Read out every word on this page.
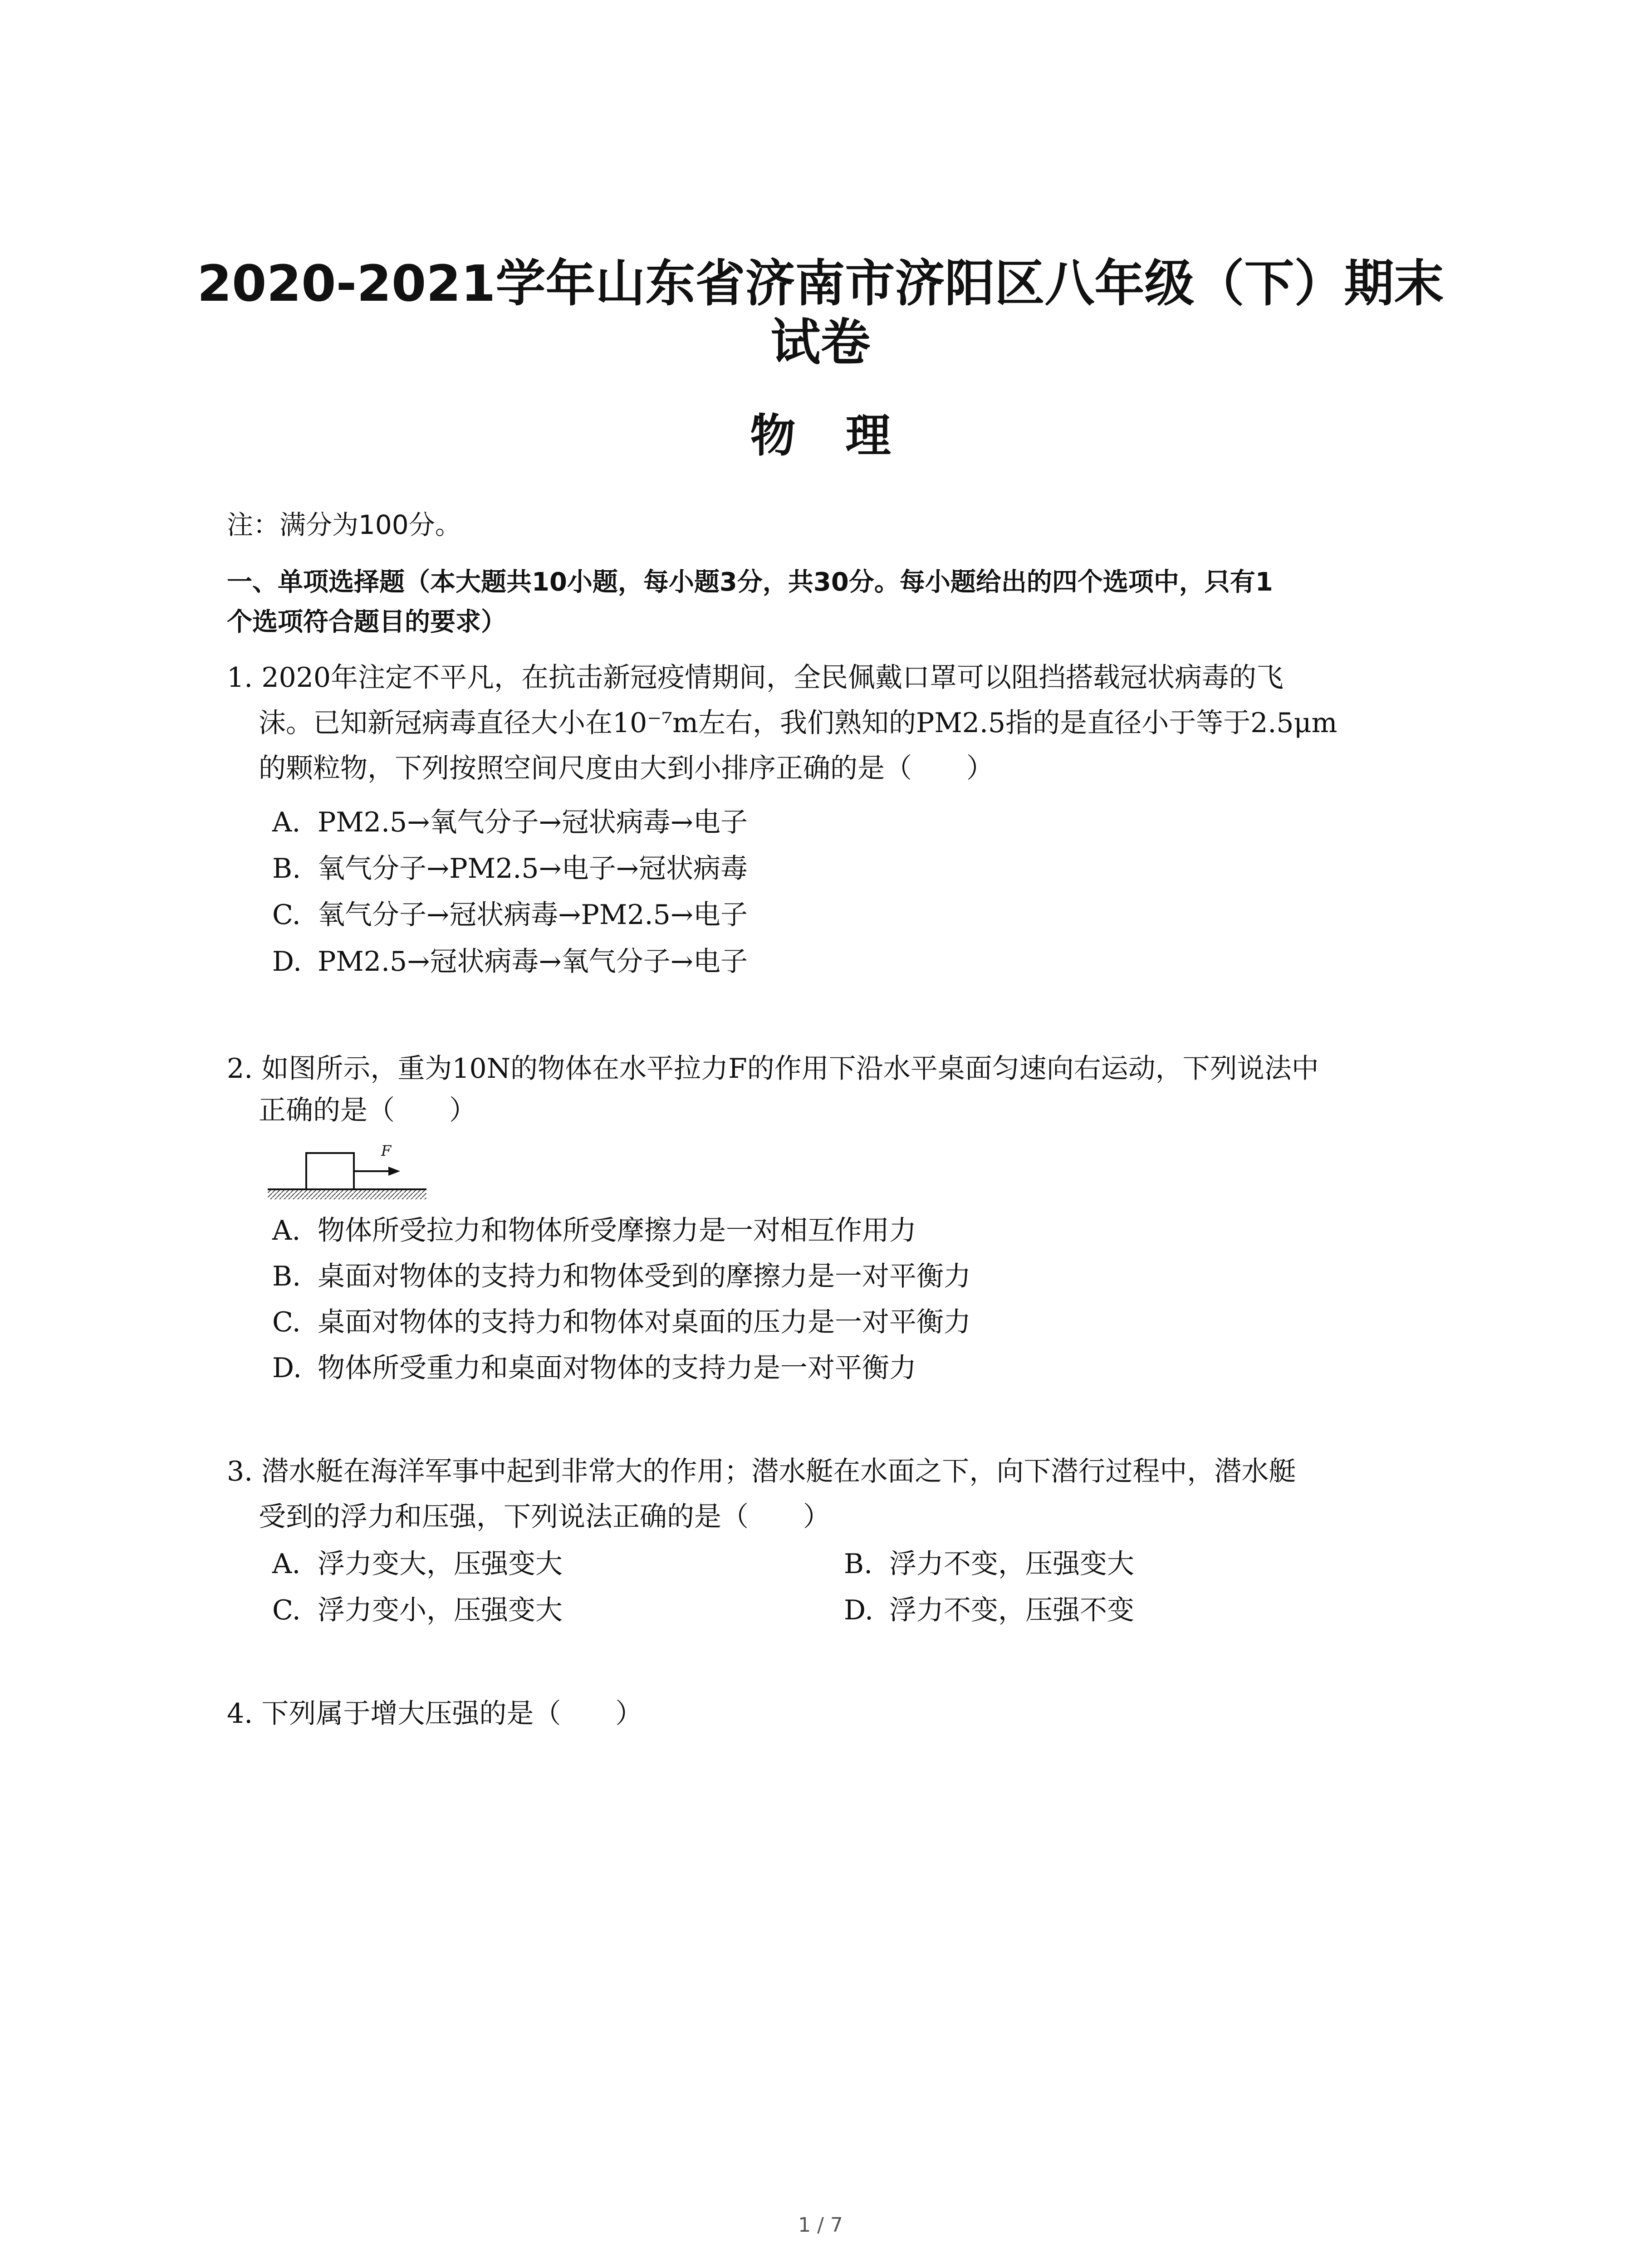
2020-2021学年山东省济南市济阳区八年级（下）期末
试卷
物理
注：满分为100分。
一、单项选择题（本大题共10小题，每小题3分，共30分。每小题给出的四个选项中，只有1
个选项符合题目的要求）
1. 2020年注定不平凡，在抗击新冠疫情期间，全民佩戴口罩可以阻挡搭载冠状病毒的飞
沫。已知新冠病毒直径大小在10⁻⁷m左右，我们熟知的PM2.5指的是直径小于等于2.5μm
的颗粒物，下列按照空间尺度由大到小排序正确的是（　　）
A. PM2.5→氧气分子→冠状病毒→电子
B. 氧气分子→PM2.5→电子→冠状病毒
C. 氧气分子→冠状病毒→PM2.5→电子
D. PM2.5→冠状病毒→氧气分子→电子
2. 如图所示，重为10N的物体在水平拉力F的作用下沿水平桌面匀速向右运动，下列说法中
正确的是（　　）
F
A. 物体所受拉力和物体所受摩擦力是一对相互作用力
B. 桌面对物体的支持力和物体受到的摩擦力是一对平衡力
C. 桌面对物体的支持力和物体对桌面的压力是一对平衡力
D. 物体所受重力和桌面对物体的支持力是一对平衡力
3. 潜水艇在海洋军事中起到非常大的作用；潜水艇在水面之下，向下潜行过程中，潜水艇
受到的浮力和压强，下列说法正确的是（　　）
A. 浮力变大，压强变大	B. 浮力不变，压强变大
C. 浮力变小，压强变大	D. 浮力不变，压强不变
4. 下列属于增大压强的是（　　）
1 / 7
